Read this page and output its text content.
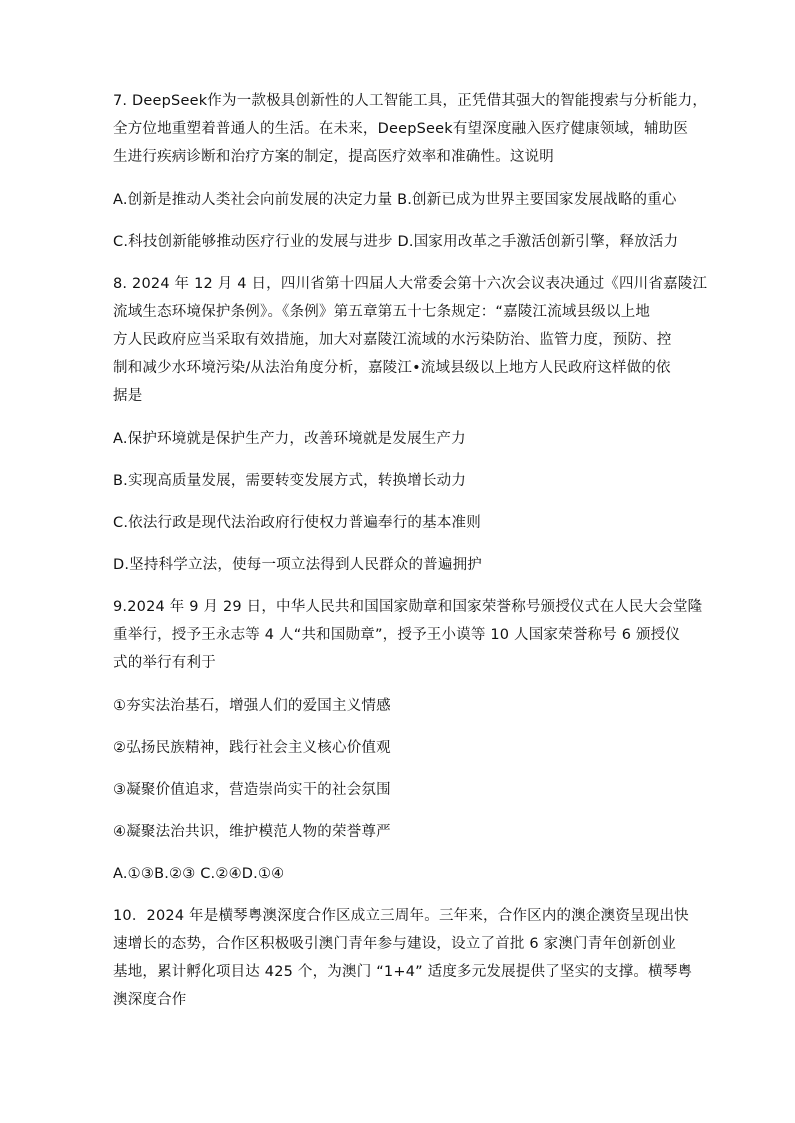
7. DeepSeek作为一款极具创新性的人工智能工具，正凭借其强大的智能搜索与分析能力，
全方位地重塑着普通人的生活。在未来，DeepSeek有望深度融入医疗健康领域，辅助医
生进行疾病诊断和治疗方案的制定，提高医疗效率和准确性。这说明
A.创新是推动人类社会向前发展的决定力量 B.创新已成为世界主要国家发展战略的重心
C.科技创新能够推动医疗行业的发展与进步 D.国家用改革之手激活创新引擎，释放活力
8. 2024 年 12 月 4 日，四川省第十四届人大常委会第十六次会议表决通过《四川省嘉陵江
流域生态环境保护条例》。《条例》第五章第五十七条规定：“嘉陵江流域县级以上地
方人民政府应当采取有效措施，加大对嘉陵江流域的水污染防治、监管力度，预防、控
制和减少水环境污染/从法治角度分析，嘉陵江•流域县级以上地方人民政府这样做的依
据是
A.保护环境就是保护生产力，改善环境就是发展生产力
B.实现高质量发展，需要转变发展方式，转换增长动力
C.依法行政是现代法治政府行使权力普遍奉行的基本准则
D.坚持科学立法，使每一项立法得到人民群众的普遍拥护
9.2024 年 9 月 29 日，中华人民共和国国家勋章和国家荣誉称号颁授仪式在人民大会堂隆
重举行，授予王永志等 4 人“共和国勋章”，授予王小谟等 10 人国家荣誉称号 6 颁授仪
式的举行有利于
①夯实法治基石，增强人们的爱国主义情感
②弘扬民族精神，践行社会主义核心价值观
③凝聚价值追求，营造崇尚实干的社会氛围
④凝聚法治共识，维护模范人物的荣誉尊严
A.①③B.②③ C.②④D.①④
10．2024 年是横琴粤澳深度合作区成立三周年。三年来，合作区内的澳企澳资呈现出快
速增长的态势，合作区积极吸引澳门青年参与建设，设立了首批 6 家澳门青年创新创业
基地，累计孵化项目达 425 个，为澳门 “1+4” 适度多元发展提供了坚实的支撑。横琴粤
澳深度合作
